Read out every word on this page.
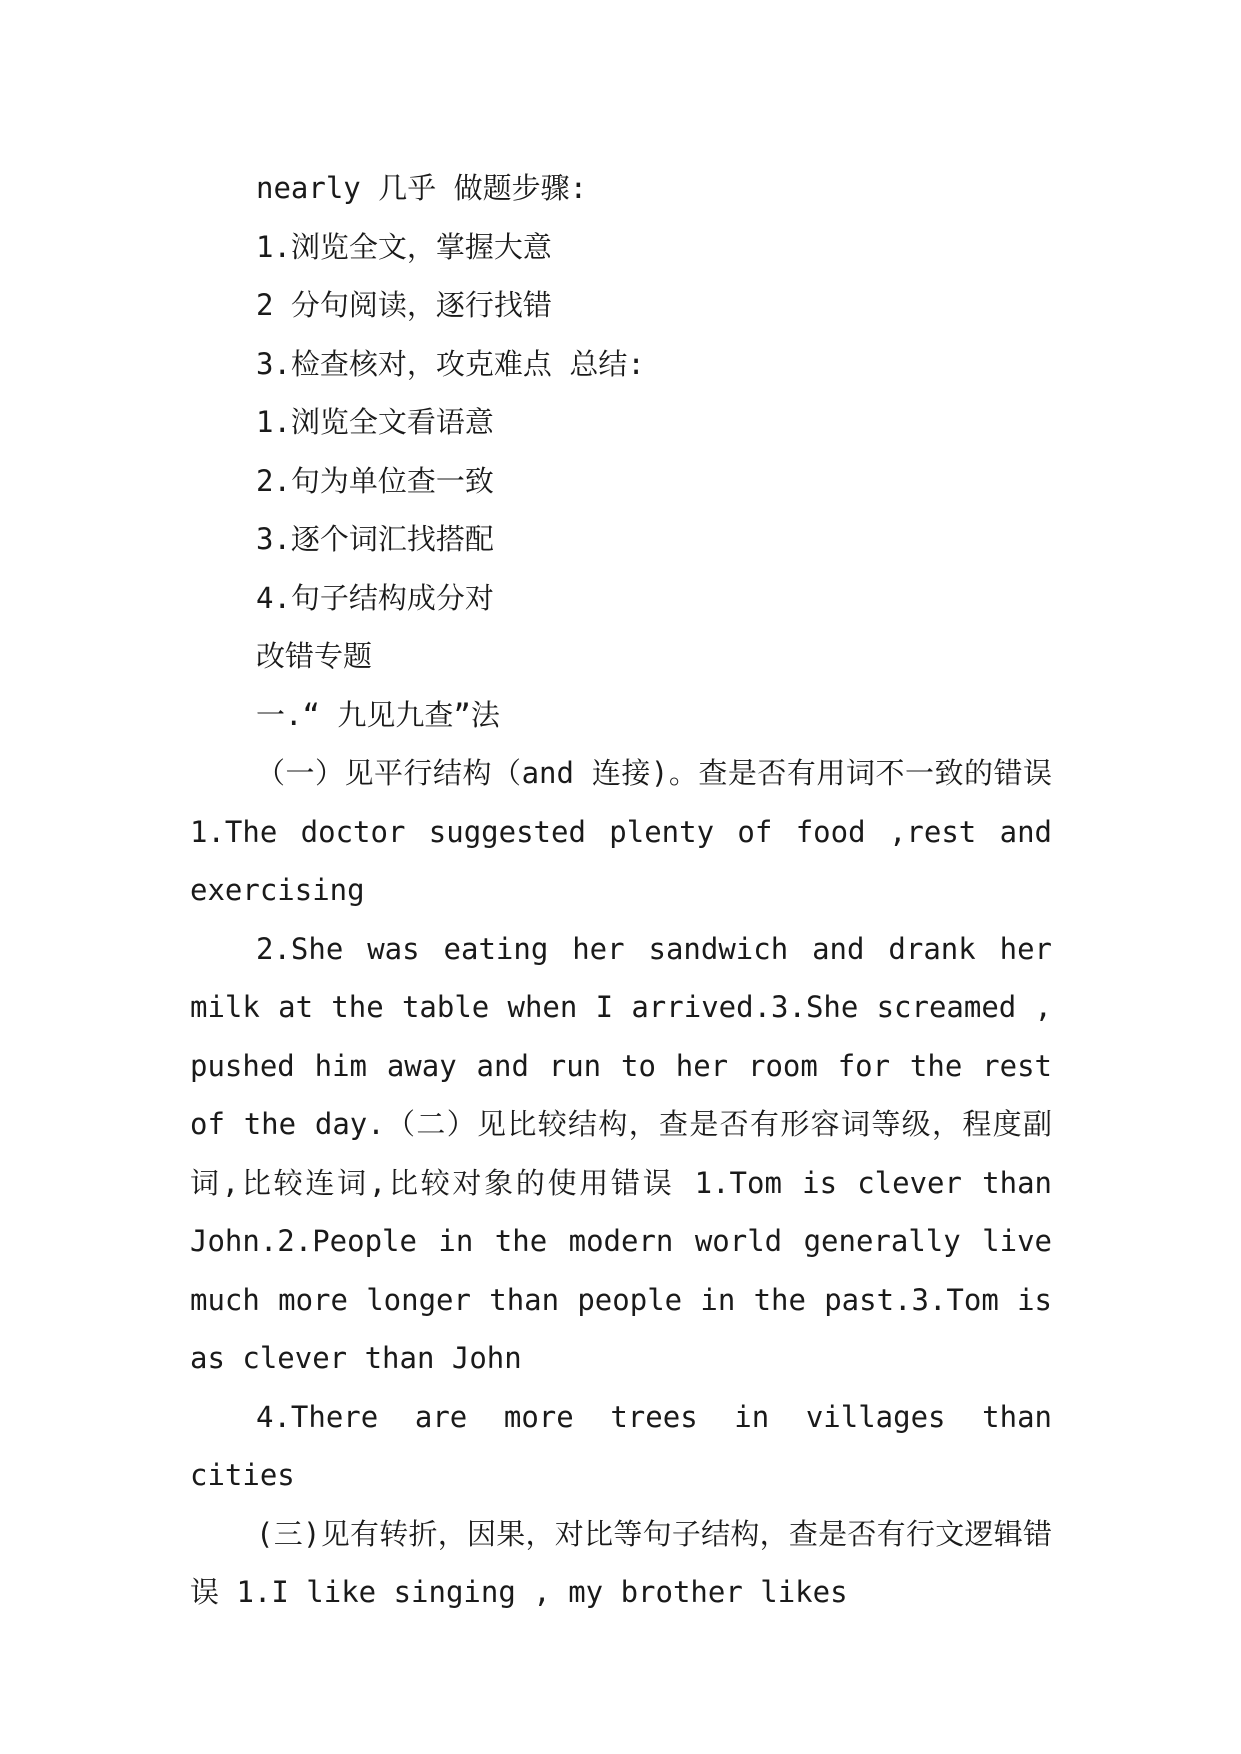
nearly 几乎 做题步骤:

1.浏览全文，掌握大意

2 分句阅读，逐行找错

3.检查核对，攻克难点 总结:

1.浏览全文看语意

2.句为单位查一致

3.逐个词汇找搭配

4.句子结构成分对

改错专题

一.“ 九见九查”法

（一）见平行结构（and 连接)。查是否有用词不一致的错误 1.The doctor suggested plenty of food ,rest and exercising

2.She was eating her sandwich and drank her milk at the table when I arrived.3.She screamed , pushed him away and run to her room for the rest of the day.（二）见比较结构，查是否有形容词等级，程度副词,比较连词,比较对象的使用错误 1.Tom is clever than John.2.People in the modern world generally live much more longer than people in the past.3.Tom is as clever than John

4.There are more trees in villages than cities

(三)见有转折，因果，对比等句子结构，查是否有行文逻辑错误 1.I like singing , my brother likes
